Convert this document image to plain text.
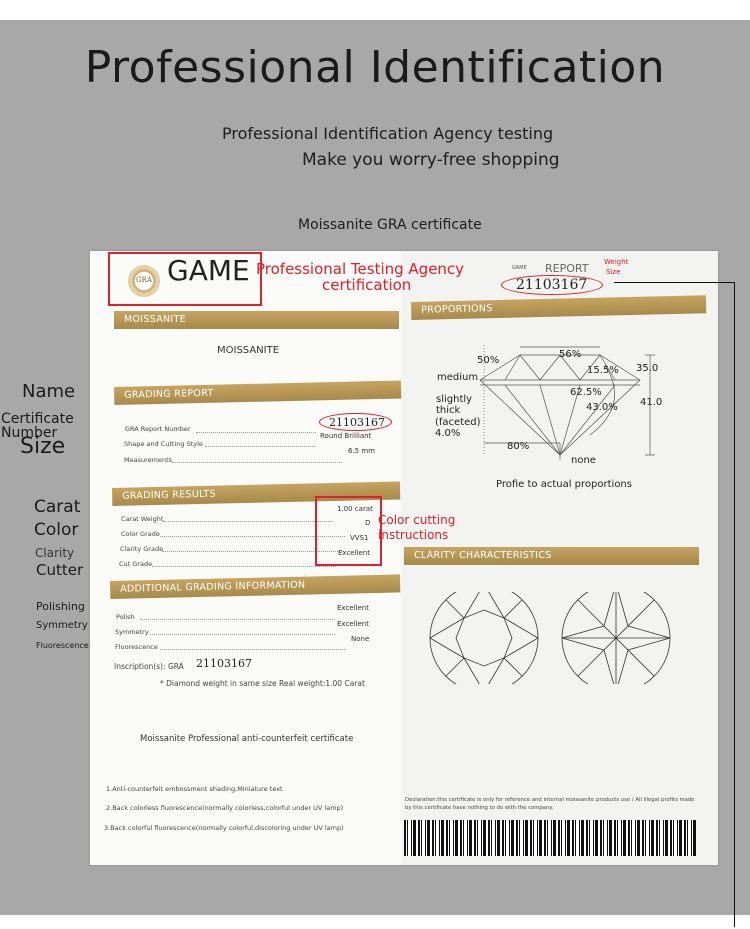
Professional Identification
Professional Identification Agency testing
Make you worry-free shopping
Moissanite GRA certificate
Name
Certificate Number
Size
Carat
Color
Clarity
Cutter
Polishing
Symmetry
Fluorescence
GRA GAME Professional Testing Agency
certification
GAME REPORT
21103167
Weight
Size
MOISSANITE
MOISSANITE
GRADING REPORT
GRA Report Number	21103167
Shape and Cutting Style
Round Brilliant
Measurements
6.5 mm
GRADING RESULTS
Carat Weight
1.00 carat
Color Grade
D
Clarity Grade
VVS1
Cut Grade
Excellent
Color cutting
instructions
ADDITIONAL GRADING INFORMATION
Polish
Excellent
Symmetry
Excellent
Fluorescence
None
Inscription(s): GRA 21103167
* Diamond weight in same size Real weight:1.00 Carat
Moissanite Professional anti-counterfeit certificate
1.Anti-counterfeit embossment shading,Miniature text
2.Back colorless fluorescence(normally colorless,colorful under UV lamp)
3.Back colorful fluorescence(normally colorful,discoloring under UV lamp)
PROPORTIONS
50%
56%
medium
15.5% 35.0
62.5%
43.0% 41.0
slightly
thick
(faceted)
4.0%
80%
none
Profie to actual proportions
CLARITY CHARACTERISTICS
Declaration:this certificate is only for reference and internal moissanite products use / All illegal profits made
by this certificate have nothing to do with the company.
